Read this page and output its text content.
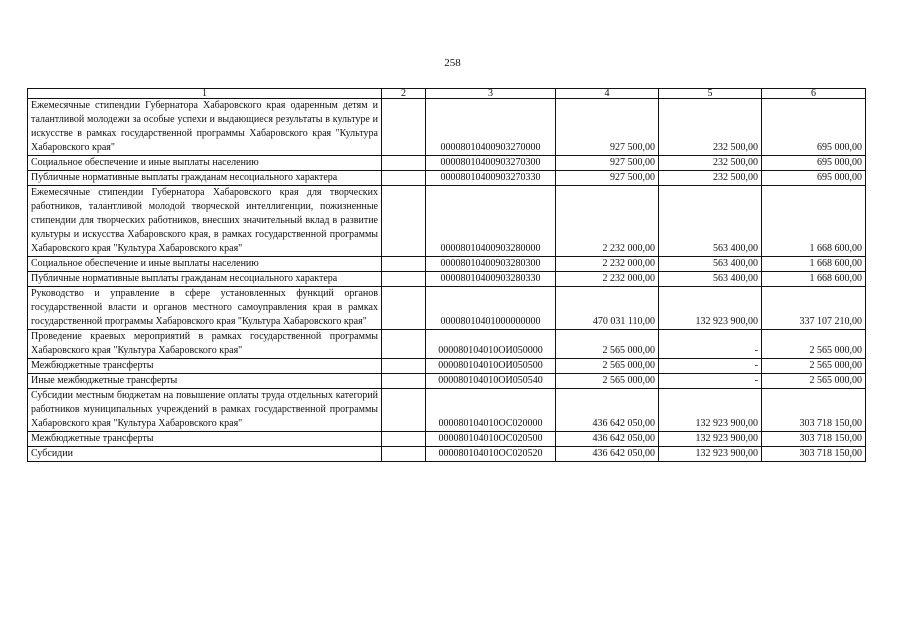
258
1	2	3	4	5	6
Ежемесячные стипендии Губернатора Хабаровского края одаренным детям и талантливой молодежи за особые успехи и выдающиеся результаты в культуре и искусстве в рамках государственной программы Хабаровского края "Культура Хабаровского края"		00008010400903270000	927 500,00	232 500,00	695 000,00
Социальное обеспечение и иные выплаты населению		00008010400903270300	927 500,00	232 500,00	695 000,00
Публичные нормативные выплаты гражданам несоциального характера		00008010400903270330	927 500,00	232 500,00	695 000,00
Ежемесячные стипендии Губернатора Хабаровского края для творческих работников, талантливой молодой творческой интеллигенции, пожизненные стипендии для творческих работников, внесших значительный вклад в развитие культуры и искусства Хабаровского края, в рамках государственной программы Хабаровского края "Культура Хабаровского края"		00008010400903280000	2 232 000,00	563 400,00	1 668 600,00
Социальное обеспечение и иные выплаты населению		00008010400903280300	2 232 000,00	563 400,00	1 668 600,00
Публичные нормативные выплаты гражданам несоциального характера		00008010400903280330	2 232 000,00	563 400,00	1 668 600,00
Руководство и управление в сфере установленных функций органов государственной власти и органов местного самоуправления края в рамках государственной программы Хабаровского края "Культура Хабаровского края"		00008010401000000000	470 031 110,00	132 923 900,00	337 107 210,00
Проведение краевых мероприятий в рамках государственной программы Хабаровского края "Культура Хабаровского края"		000080104010ОИ050000	2 565 000,00	-	2 565 000,00
Межбюджетные трансферты		000080104010ОИ050500	2 565 000,00	-	2 565 000,00
Иные межбюджетные трансферты		000080104010ОИ050540	2 565 000,00	-	2 565 000,00
Субсидии местным бюджетам на повышение оплаты труда отдельных категорий работников муниципальных учреждений в рамках государственной программы Хабаровского края "Культура Хабаровского края"		000080104010ОС020000	436 642 050,00	132 923 900,00	303 718 150,00
Межбюджетные трансферты		000080104010ОС020500	436 642 050,00	132 923 900,00	303 718 150,00
Субсидии		000080104010ОС020520	436 642 050,00	132 923 900,00	303 718 150,00
